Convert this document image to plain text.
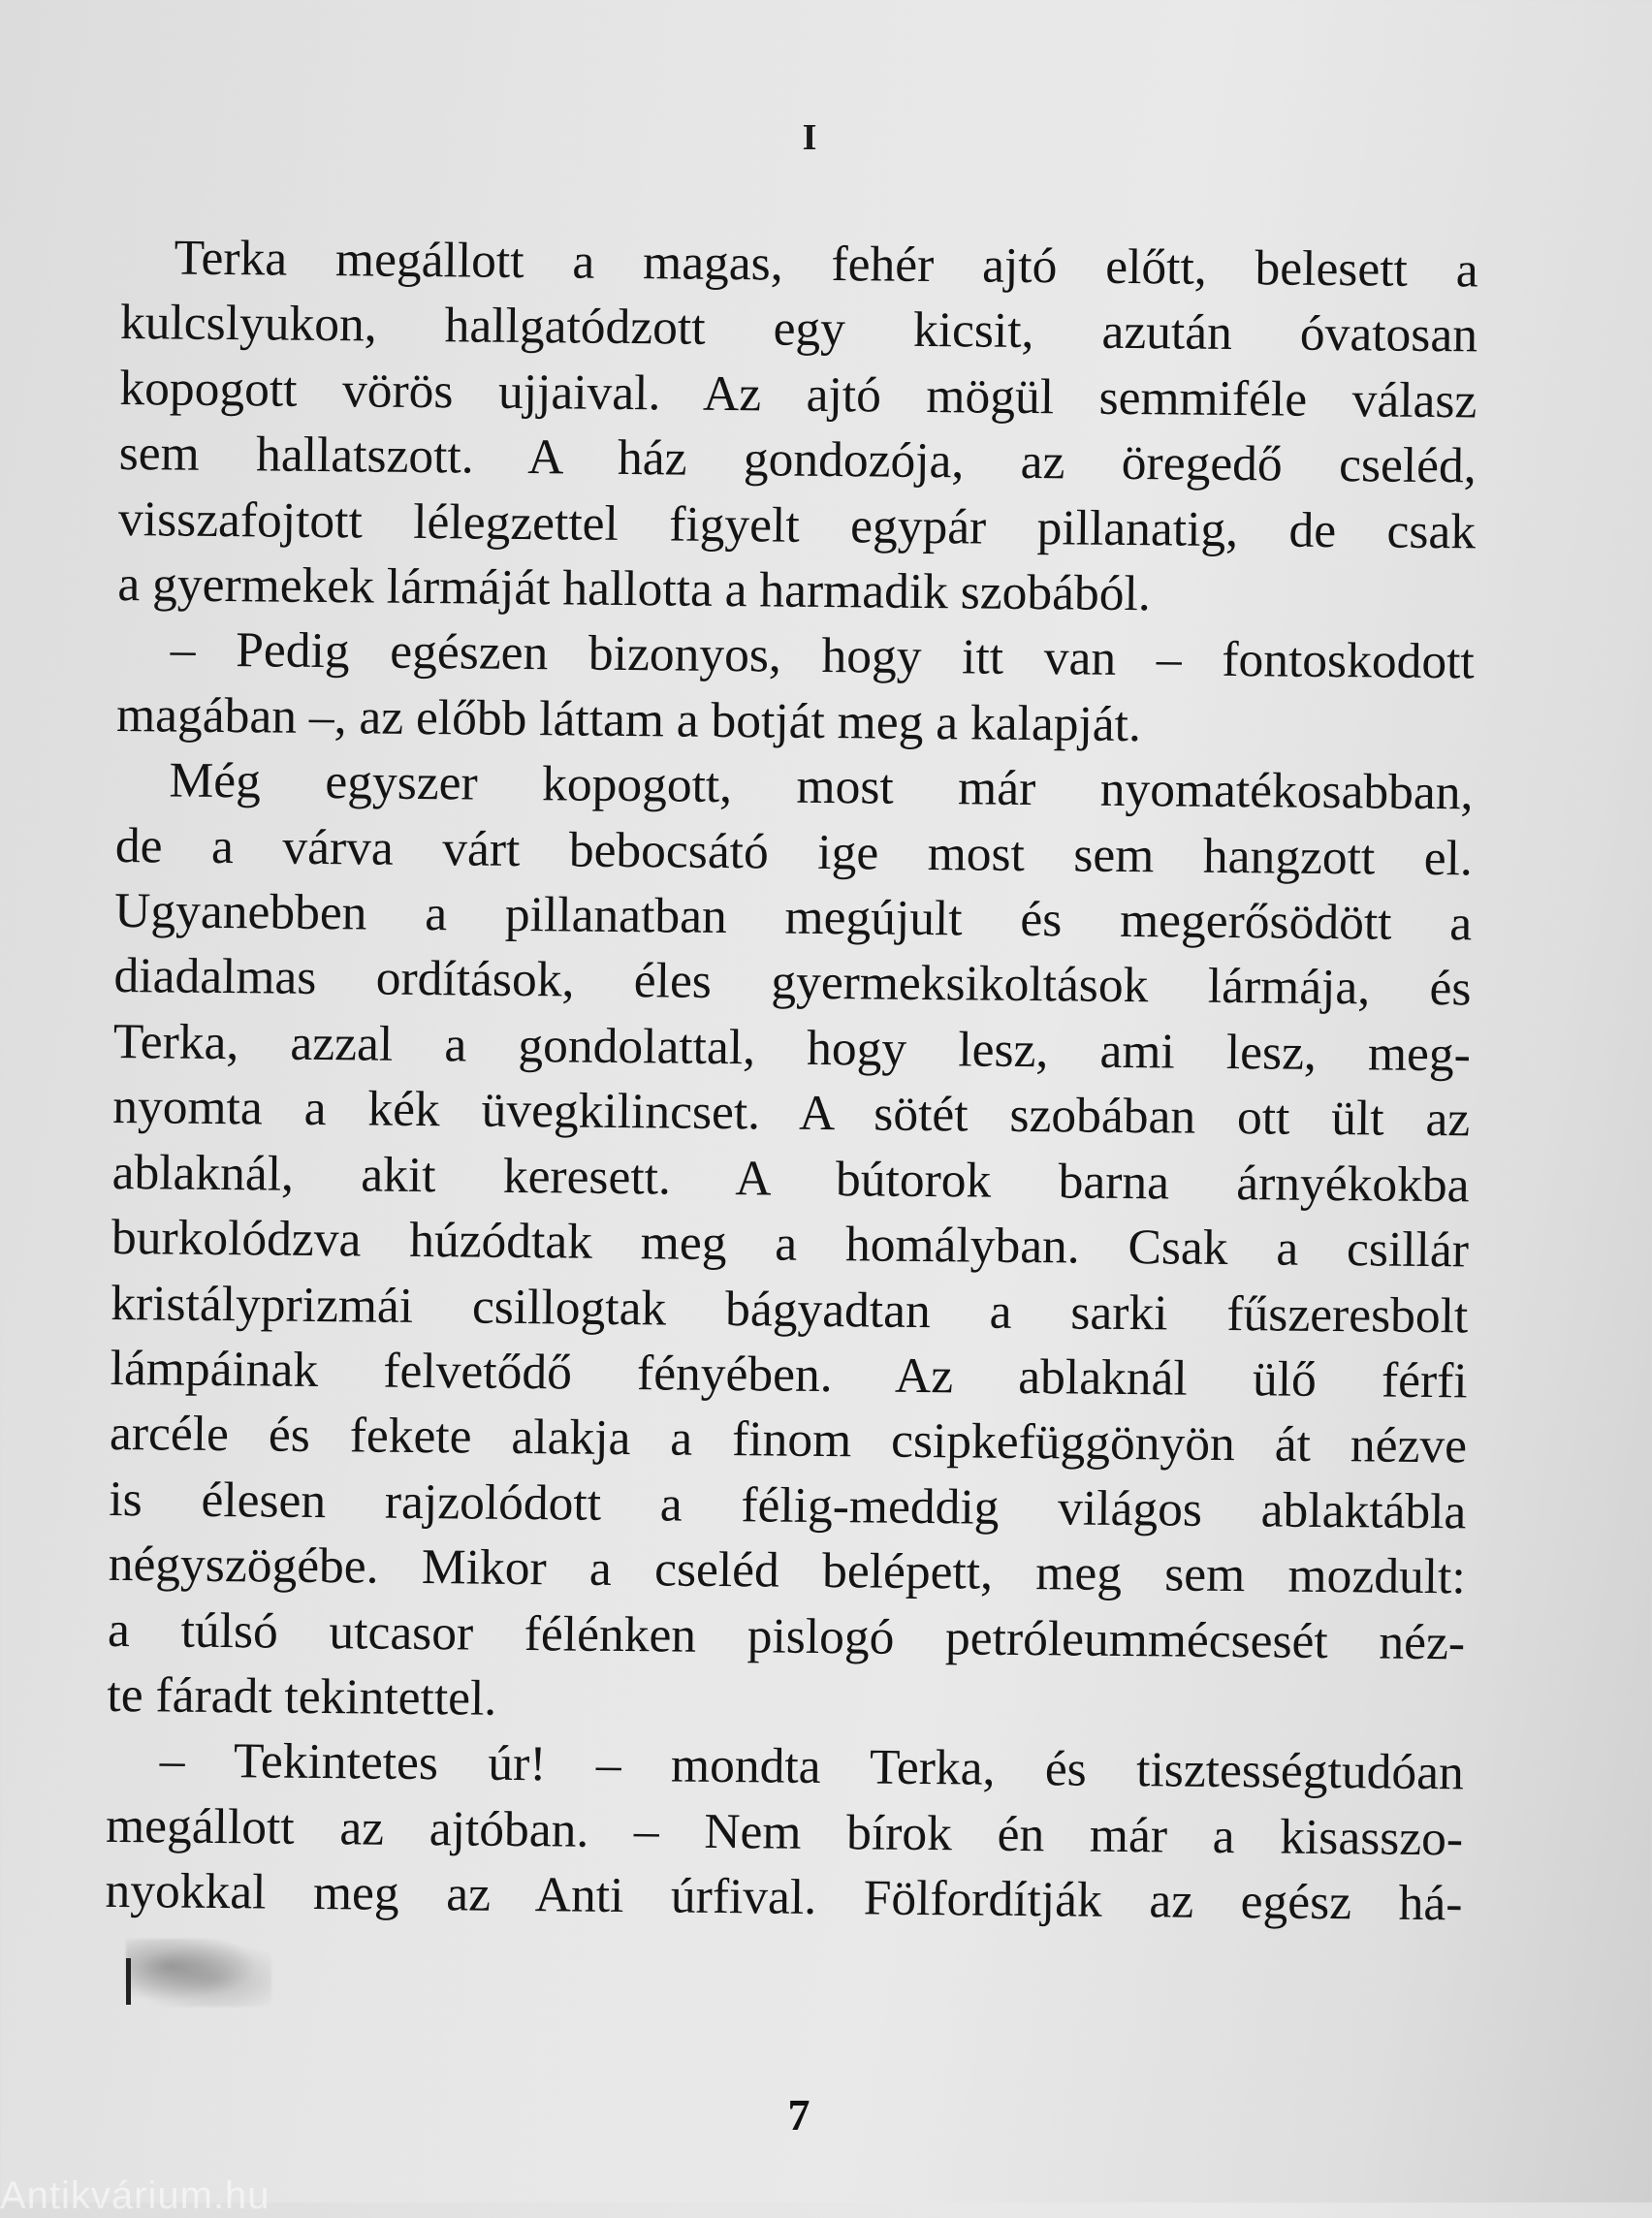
I
Terka megállott a magas, fehér ajtó előtt, belesett a
kulcslyukon, hallgatódzott egy kicsit, azután óvatosan
kopogott vörös ujjaival. Az ajtó mögül semmiféle válasz
sem hallatszott. A ház gondozója, az öregedő cseléd,
visszafojtott lélegzettel figyelt egypár pillanatig, de csak
a gyermekek lármáját hallotta a harmadik szobából.
– Pedig egészen bizonyos, hogy itt van – fontoskodott
magában –, az előbb láttam a botját meg a kalapját.
Még egyszer kopogott, most már nyomatékosabban,
de a várva várt bebocsátó ige most sem hangzott el.
Ugyanebben a pillanatban megújult és megerősödött a
diadalmas ordítások, éles gyermeksikoltások lármája, és
Terka, azzal a gondolattal, hogy lesz, ami lesz, meg-
nyomta a kék üvegkilincset. A sötét szobában ott ült az
ablaknál, akit keresett. A bútorok barna árnyékokba
burkolódzva húzódtak meg a homályban. Csak a csillár
kristályprizmái csillogtak bágyadtan a sarki fűszeresbolt
lámpáinak felvetődő fényében. Az ablaknál ülő férfi
arcéle és fekete alakja a finom csipkefüggönyön át nézve
is élesen rajzolódott a félig-meddig világos ablaktábla
négyszögébe. Mikor a cseléd belépett, meg sem mozdult:
a túlsó utcasor félénken pislogó petróleummécsesét néz-
te fáradt tekintettel.
– Tekintetes úr! – mondta Terka, és tisztességtudóan
megállott az ajtóban. – Nem bírok én már a kisasszo-
nyokkal meg az Anti úrfival. Fölfordítják az egész há-
7
Antikvárium.hu
